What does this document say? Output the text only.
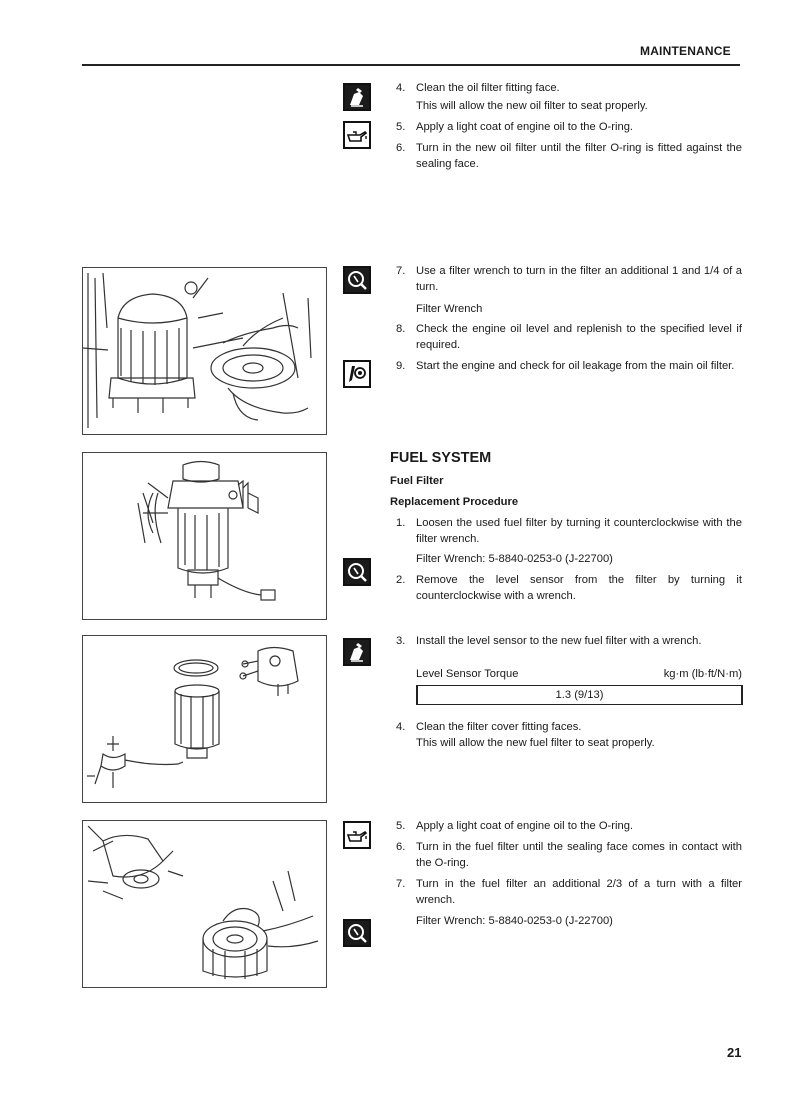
MAINTENANCE
4. Clean the oil filter fitting face.
This will allow the new oil filter to seat properly.
5. Apply a light coat of engine oil to the O-ring.
6. Turn in the new oil filter until the filter O-ring is fitted against the sealing face.
7. Use a filter wrench to turn in the filter an additional 1 and 1/4 of a turn.
Filter Wrench
8. Check the engine oil level and replenish to the specified level if required.
9. Start the engine and check for oil leakage from the main oil filter.
FUEL SYSTEM
Fuel Filter
Replacement Procedure
1. Loosen the used fuel filter by turning it counterclockwise with the filter wrench.
Filter Wrench: 5-8840-0253-0 (J-22700)
2. Remove the level sensor from the filter by turning it counterclockwise with a wrench.
3. Install the level sensor to the new fuel filter with a wrench.
Level Sensor Torque	kg·m (lb·ft/N·m)
1.3 (9/13)
4. Clean the filter cover fitting faces.
This will allow the new fuel filter to seat properly.
5. Apply a light coat of engine oil to the O-ring.
6. Turn in the fuel filter until the sealing face comes in contact with the O-ring.
7. Turn in the fuel filter an additional 2/3 of a turn with a filter wrench.
Filter Wrench: 5-8840-0253-0 (J-22700)
21
